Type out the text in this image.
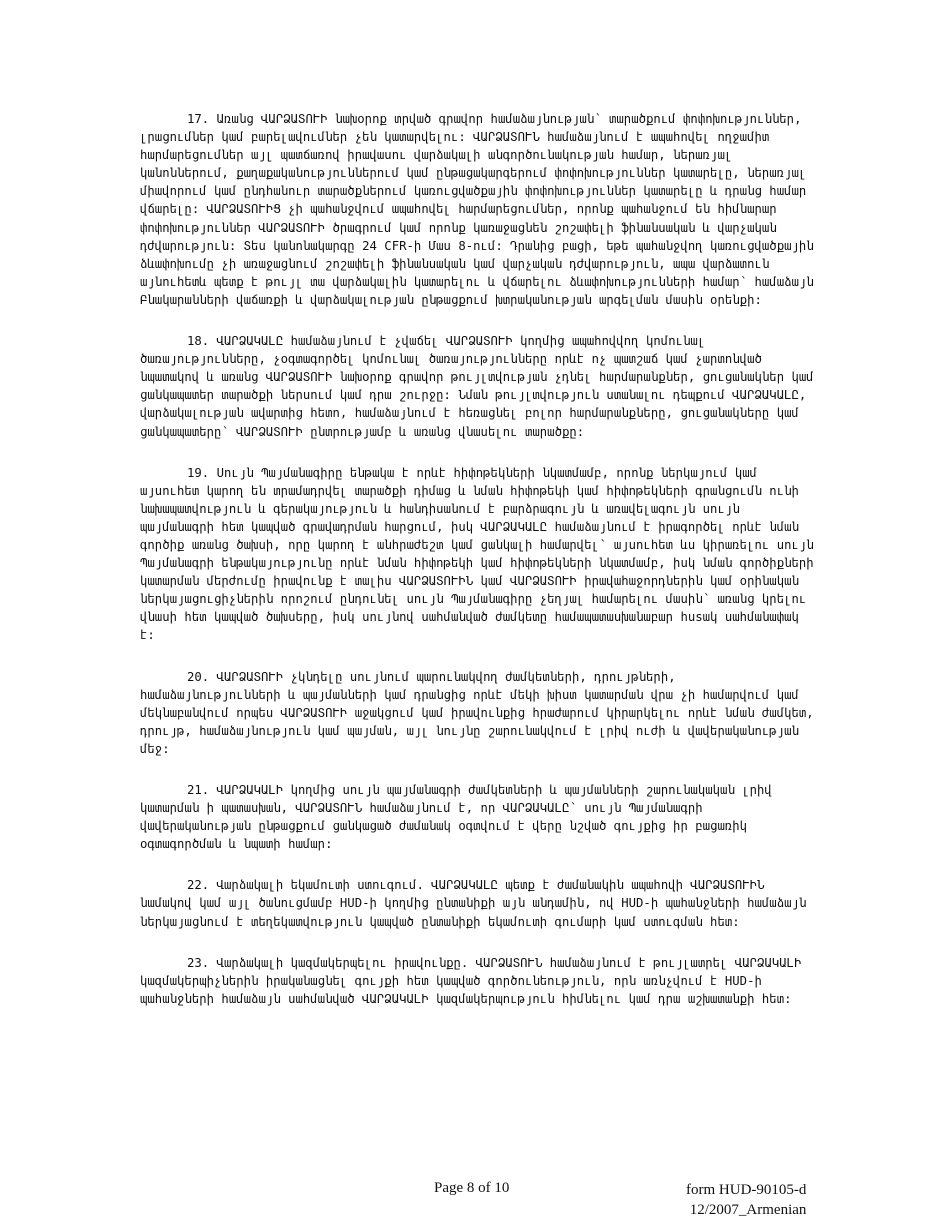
17. Առանց ՎԱՐՁԱՏՈՒԻ նախօրոք տրված գրավոր համաձայնության՝ տարածքում փոփոխություններ, լրացումներ կամ բարելավումներ չեն կատարվելու: ՎԱՐՁԱՏՈՒՆ համաձայնում է ապահովել ողջամիտ հարմարեցումներ այլ պատճառով իրավասու վարձակալի անգործունակության համար, ներառյալ կանոններում, քաղաքականություններում կամ ընթացակարգերում փոփոխություններ կատարելը, ներառյալ միավորում կամ ընդհանուր տարածքներում կառուցվածքային փոփոխություններ կատարելը և դրանց համար վճարելը: ՎԱՐՁԱՏՈՒԻՑ չի պահանջվում ապահովել հարմարեցումներ, որոնք պահանջում են հիմնարար փոփոխություններ ՎԱՐՁԱՏՈՒԻ ծրագրում կամ որոնք կառաջացնեն շոշափելի ֆինանսական և վարչական դժվարություն: Տես կանոնակարգը 24 CFR-ի Մաս 8-ում: Դրանից բացի, եթե պահանջվող կառուցվածքային ձևափոխումը չի առաջացնում շոշափելի ֆինանսական կամ վարչական դժվարություն, ապա վարձատուն այնուհետև պետք է թույլ տա վարձակալին կատարելու և վճարելու ձևափոխությունների համար՝ համաձայն Բնակարանների վաճառքի և վարձակալության ընթացքում խտրականության արգելման մասին օրենքի:

18. ՎԱՐՁԱԿԱԼԸ համաձայնում է չվաճել ՎԱՐՁԱՏՈՒԻ կողմից ապահովվող կոմունալ ծառայությունները, չօգտագործել կոմունալ ծառայությունները որևէ ոչ պատշաճ կամ չարտոնված նպատակով և առանց ՎԱՐՁԱՏՈՒԻ նախօրոք գրավոր թույլտվության չդնել հարմարանքներ, ցուցանակներ կամ ցանկապատեր տարածքի ներսում կամ դրա շուրջը: Նման թույլտվություն ստանալու դեպքում ՎԱՐՁԱԿԱԼԸ, վարձակալության ավարտից հետո, համաձայնում է հեռացնել բոլոր հարմարանքները, ցուցանակները կամ ցանկապատերը՝ ՎԱՐՁԱՏՈՒԻ ընտրությամբ և առանց վնասելու տարածքը:

19. Սույն Պայմանագիրը ենթակա է որևէ հիփոթեկների նկատմամբ, որոնք ներկայում կամ այսուհետ կարող են տրամադրվել տարածքի դիմաց և նման հիփոթեկի կամ հիփոթեկների գրանցումն ունի նախապատվություն և գերակայություն և հանդիսանում է բարձրագույն և առավելագույն սույն պայմանագրի հետ կապված գրավադրման հարցում, իսկ ՎԱՐՁԱԿԱԼԸ համաձայնում է իրագործել որևէ նման գործիք առանց ծախսի, որը կարող է անհրաժեշտ կամ ցանկալի համարվել՝ այսուհետ ևս կիրառելու սույն Պայմանագրի ենթակայությունը որևէ նման հիփոթեկի կամ հիփոթեկների նկատմամբ, իսկ նման գործիքների կատարման մերժումը իրավունք է տալիս ՎԱՐՁԱՏՈՒԻՆ կամ ՎԱՐՁԱՏՈՒԻ իրավահաջորդներին կամ օրինական ներկայացուցիչներին որոշում ընդունել սույն Պայմանագիրը չեղյալ համարելու մասին՝ առանց կրելու վնասի հետ կապված ծախսերը, իսկ սույնով սահմանված ժամկետը համապատասխանաբար husակ սահմանափակ է:

20. ՎԱՐՁԱՏՈՒԻ չկնդելը սույնում պարունակվող ժամկետների, դրույթների, համաձայնությունների և պայմանների կամ դրանցից որևէ մեկի խիստ կատարման վրա չի համարվում կամ մեկնաբանվում որպես ՎԱՐՁԱՏՈՒԻ աջակցում կամ իրավունքից հրաժարում կիրարկելու որևէ նման ժամկետ, դրույթ, համաձայնություն կամ պայման, այլ նույնը շարունակվում է լրիվ ուժի և վավերականության մեջ:

21. ՎԱՐՁԱԿԱԼԻ կողմից սույն պայմանագրի ժամկետների և պայմանների շարունակական լրիվ կատարման ի պատասխան, ՎԱՐՁԱՏՈՒՆ համաձայնում է, որ ՎԱՐՁԱԿԱԼԸ՝ սույն Պայմանագրի վավերականության ընթացքում ցանկացած ժամանակ օգտվում է վերը նշված գույքից իր բացառիկ օգտագործման և նպատի համար:

22. Վարձակալի եկամուտի ստուգում. ՎԱՐՁԱԿԱԼԸ պետք է ժամանակին ապահովի ՎԱՐՁԱՏՈՒԻՆ նամակով կամ այլ ծանուցմամբ HUD-ի կողմից ընտանիքի այն անդամին, ով HUD-ի պահանջների համաձայն ներկայացնում է տեղեկատվություն կապված ընտանիքի եկամուտի գումարի կամ ստուգման հետ:

23. Վարձակալի կազմակերպելու իրավունքը. ՎԱՐՁԱՏՈՒՆ համաձայնում է թույլատրել ՎԱՐՁԱԿԱԼԻ կազմակերպիչներին իրականացնել գույքի հետ կապված գործունեություն, որն առնչվում է HUD-ի պահանջների համաձայն սահմանված ՎԱՐՁԱԿԱԼԻ կազմակերպություն հիմնելու կամ դրա աշխատանքի հետ:

Page 8 of 10	form HUD-90105-d
12/2007_Armenian
